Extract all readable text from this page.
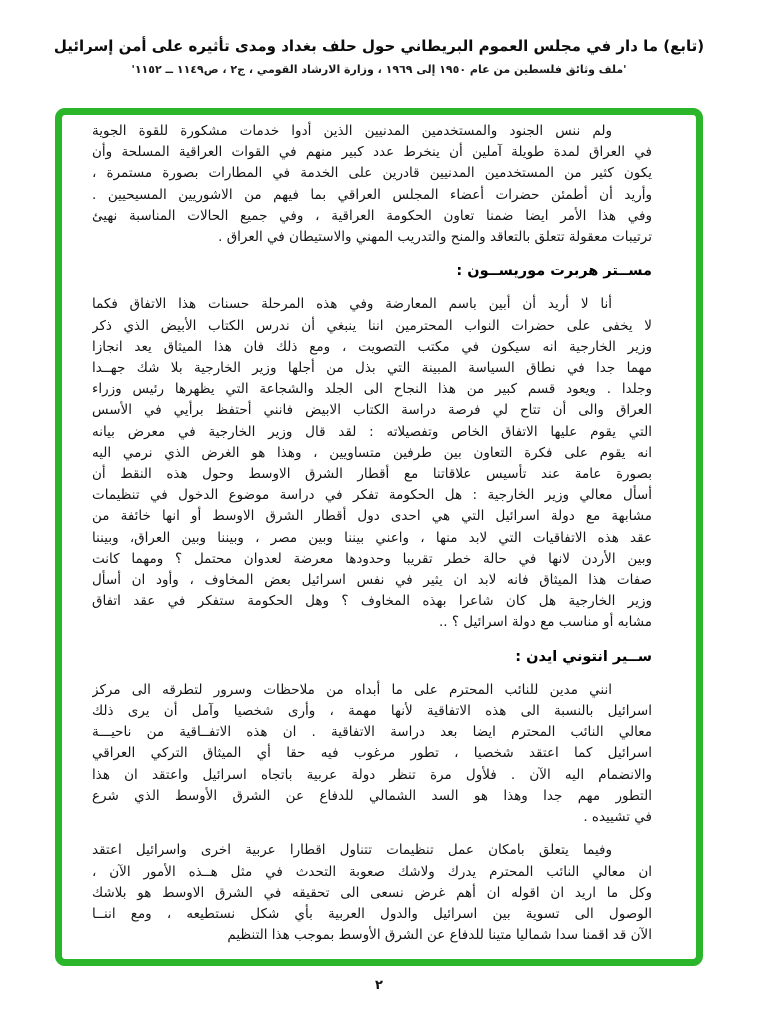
(تابع) ما دار في مجلس العموم البريطاني حول حلف بغداد ومدى تأثيره على أمن إسرائيل
'ملف وثائق فلسطين من عام ١٩٥٠ إلى ١٩٦٩ ، وزارة الارشاد القومي ، ج٢ ، ص١١٤٩ ــ ١١٥٢'
ولم ننس الجنود والمستخدمين المدنيين الذين أدوا خدمات مشكورة للقوة الجوية
في العراق لمدة طويلة آملين أن ينخرط عدد كبير منهم في القوات العراقية المسلحة وأن
يكون كثير من المستخدمين المدنيين قادرين على الخدمة في المطارات بصورة مستمرة ،
وأريد أن أطمئن حضرات أعضاء المجلس العراقي بما فيهم من الاشوريين المسيحيين .
وفي هذا الأمر ايضا ضمنا تعاون الحكومة العراقية ، وفي جميع الحالات المناسبة نهيئ
ترتيبات معقولة تتعلق بالتعاقد والمنح والتدريب المهني والاستيطان في العراق .
مســتر هربرت موريســون :
أنا لا أريد أن أبين باسم المعارضة وفي هذه المرحلة حسنات هذا الاتفاق فكما
لا يخفى على حضرات النواب المحترمين اننا ينبغي أن ندرس الكتاب الأبيض الذي ذكر
وزير الخارجية انه سيكون في مكتب التصويت ، ومع ذلك فان هذا الميثاق يعد انجازا
مهما جدا في نطاق السياسة المبينة التي بذل من أجلها وزير الخارجية بلا شك جهــدا
وجلدا . ويعود قسم كبير من هذا النجاح الى الجلد والشجاعة التي يظهرها رئيس وزراء
العراق والى أن تتاح لي فرصة دراسة الكتاب الابيض فانني أحتفظ برأيي في الأسس
التي يقوم عليها الاتفاق الخاص وتفصيلاته : لقد قال وزير الخارجية في معرض بيانه
انه يقوم على فكرة التعاون بين طرفين متساويين ، وهذا هو الغرض الذي نرمي اليه
بصورة عامة عند تأسيس علاقاتنا مع أقطار الشرق الاوسط وحول هذه النقط أن
أسأل معالي وزير الخارجية : هل الحكومة تفكر في دراسة موضوع الدخول في تنظيمات
مشابهة مع دولة اسرائيل التي هي احدى دول أقطار الشرق الاوسط أو انها خائفة من
عقد هذه الاتفاقيات التي لابد منها ، واعني بيننا وبين مصر ، وبيننا وبين العراق، وبيننا
وبين الأردن لانها في حالة خطر تقريبا وحدودها معرضة لعدوان محتمل ؟ ومهما كانت
صفات هذا الميثاق فانه لابد ان يثير في نفس اسرائيل بعض المخاوف ، وأود ان أسأل
وزير الخارجية هل كان شاعرا بهذه المخاوف ؟ وهل الحكومة ستفكر في عقد اتفاق
مشابه أو مناسب مع دولة اسرائيل ؟ ..
ســير انتوني ايدن :
انني مدين للنائب المحترم على ما أبداه من ملاحظات وسرور لتطرقه الى مركز
اسرائيل بالنسبة الى هذه الاتفاقية لأنها مهمة ، وأرى شخصيا وآمل أن يرى ذلك
معالي النائب المحترم ايضا بعد دراسة الاتفاقية . ان هذه الاتفــاقية من ناحيـــة
اسرائيل كما اعتقد شخصيا ، تطور مرغوب فيه حقا أي الميثاق التركي العراقي
والانضمام اليه الآن . فلأول مرة تنظر دولة عربية باتجاه اسرائيل واعتقد ان هذا
التطور مهم جدا وهذا هو السد الشمالي للدفاع عن الشرق الأوسط الذي شرع
في تشييده .
وفيما يتعلق بامكان عمل تنظيمات تتناول اقطارا عربية اخرى واسرائيل اعتقد
ان معالي النائب المحترم يدرك ولاشك صعوبة التحدث في مثل هــذه الأمور الآن ،
وكل ما اريد ان اقوله ان أهم غرض نسعى الى تحقيقه في الشرق الاوسط هو بلاشك
الوصول الى تسوية بين اسرائيل والدول العربية بأي شكل نستطيعه ، ومع اننــا
الآن قد اقمنا سدا شماليا متينا للدفاع عن الشرق الأوسط بموجب هذا التنظيم
٢
